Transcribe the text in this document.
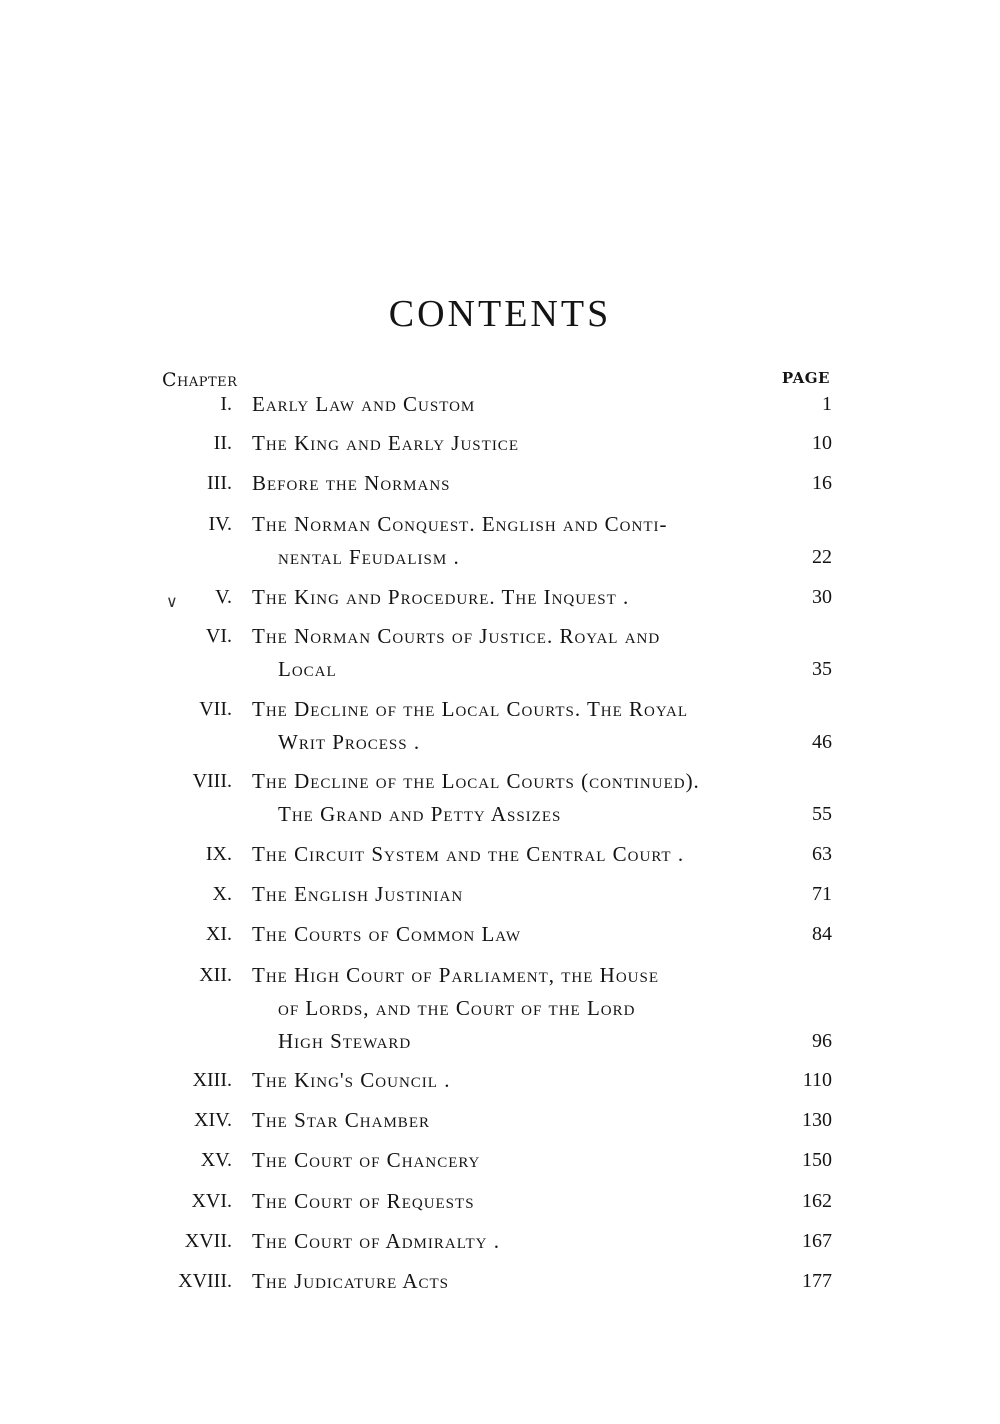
CONTENTS
Chapter	PAGE
∨
I. Early Law and Custom	1
II. The King and Early Justice	10
III. Before the Normans	16
IV. The Norman Conquest. English and Conti-
nental Feudalism .	22
V. The King and Procedure. The Inquest .	30
VI. The Norman Courts of Justice. Royal and
Local	35
VII. The Decline of the Local Courts. The Royal
Writ Process .	46
VIII. The Decline of the Local Courts (continued).
The Grand and Petty Assizes	55
IX. The Circuit System and the Central Court .	63
X. The English Justinian	71
XI. The Courts of Common Law	84
XII. The High Court of Parliament, the House
of Lords, and the Court of the Lord
High Steward	96
XIII. The King's Council .	110
XIV. The Star Chamber	130
XV. The Court of Chancery	150
XVI. The Court of Requests	162
XVII. The Court of Admiralty .	167
XVIII. The Judicature Acts	177
